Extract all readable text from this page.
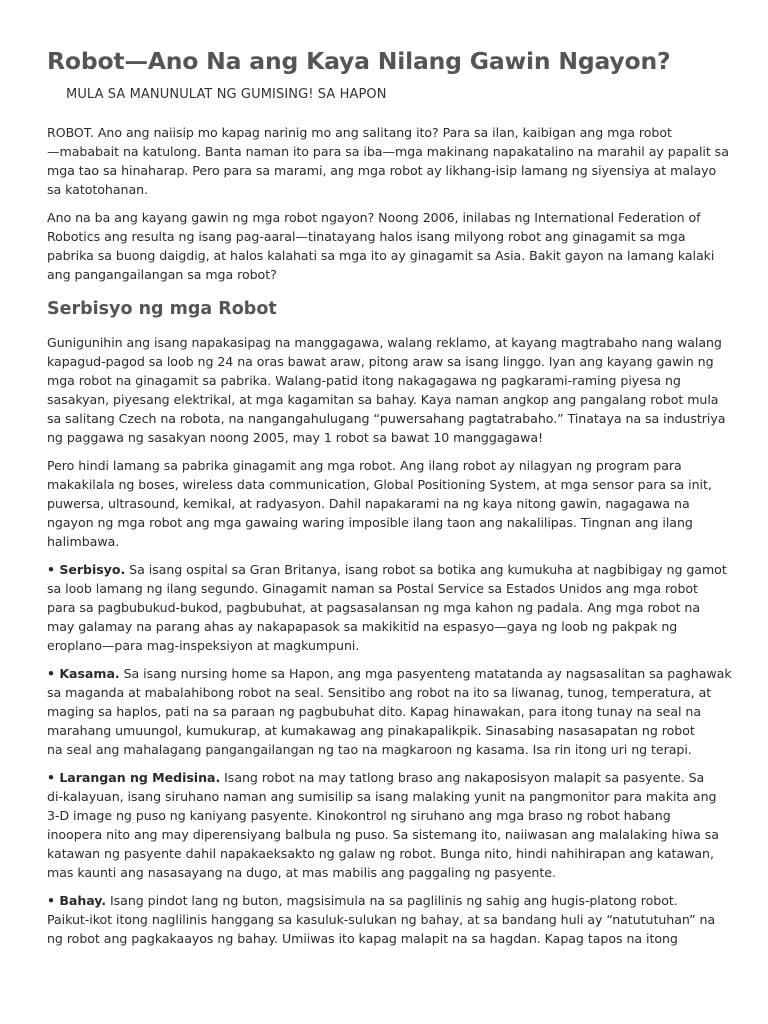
Robot—Ano Na ang Kaya Nilang Gawin Ngayon?
MULA SA MANUNULAT NG GUMISING! SA HAPON

ROBOT. Ano ang naiisip mo kapag narinig mo ang salitang ito? Para sa ilan, kaibigan ang mga robot
—mababait na katulong. Banta naman ito para sa iba—mga makinang napakatalino na marahil ay papalit sa
mga tao sa hinaharap. Pero para sa marami, ang mga robot ay likhang-isip lamang ng siyensiya at malayo
sa katotohanan.

Ano na ba ang kayang gawin ng mga robot ngayon? Noong 2006, inilabas ng International Federation of
Robotics ang resulta ng isang pag-aaral—tinatayang halos isang milyong robot ang ginagamit sa mga
pabrika sa buong daigdig, at halos kalahati sa mga ito ay ginagamit sa Asia. Bakit gayon na lamang kalaki
ang pangangailangan sa mga robot?

Serbisyo ng mga Robot

Gunigunihin ang isang napakasipag na manggagawa, walang reklamo, at kayang magtrabaho nang walang
kapagud-pagod sa loob ng 24 na oras bawat araw, pitong araw sa isang linggo. Iyan ang kayang gawin ng
mga robot na ginagamit sa pabrika. Walang-patid itong nakagagawa ng pagkarami-raming piyesa ng
sasakyan, piyesang elektrikal, at mga kagamitan sa bahay. Kaya naman angkop ang pangalang robot mula
sa salitang Czech na robota, na nangangahulugang “puwersahang pagtatrabaho.” Tinataya na sa industriya
ng paggawa ng sasakyan noong 2005, may 1 robot sa bawat 10 manggagawa!

Pero hindi lamang sa pabrika ginagamit ang mga robot. Ang ilang robot ay nilagyan ng program para
makakilala ng boses, wireless data communication, Global Positioning System, at mga sensor para sa init,
puwersa, ultrasound, kemikal, at radyasyon. Dahil napakarami na ng kaya nitong gawin, nagagawa na
ngayon ng mga robot ang mga gawaing waring imposible ilang taon ang nakalilipas. Tingnan ang ilang
halimbawa.

• Serbisyo. Sa isang ospital sa Gran Britanya, isang robot sa botika ang kumukuha at nagbibigay ng gamot
sa loob lamang ng ilang segundo. Ginagamit naman sa Postal Service sa Estados Unidos ang mga robot
para sa pagbubukud-bukod, pagbubuhat, at pagsasalansan ng mga kahon ng padala. Ang mga robot na
may galamay na parang ahas ay nakapapasok sa makikitid na espasyo—gaya ng loob ng pakpak ng
eroplano—para mag-inspeksiyon at magkumpuni.

• Kasama. Sa isang nursing home sa Hapon, ang mga pasyenteng matatanda ay nagsasalitan sa paghawak
sa maganda at mabalahibong robot na seal. Sensitibo ang robot na ito sa liwanag, tunog, temperatura, at
maging sa haplos, pati na sa paraan ng pagbubuhat dito. Kapag hinawakan, para itong tunay na seal na
marahang umuungol, kumukurap, at kumakawag ang pinakapalikpik. Sinasabing nasasapatan ng robot
na seal ang mahalagang pangangailangan ng tao na magkaroon ng kasama. Isa rin itong uri ng terapi.

• Larangan ng Medisina. Isang robot na may tatlong braso ang nakaposisyon malapit sa pasyente. Sa
di-kalayuan, isang siruhano naman ang sumisilip sa isang malaking yunit na pangmonitor para makita ang
3-D image ng puso ng kaniyang pasyente. Kinokontrol ng siruhano ang mga braso ng robot habang
inoopera nito ang may diperensiyang balbula ng puso. Sa sistemang ito, naiiwasan ang malalaking hiwa sa
katawan ng pasyente dahil napakaeksakto ng galaw ng robot. Bunga nito, hindi nahihirapan ang katawan,
mas kaunti ang nasasayang na dugo, at mas mabilis ang paggaling ng pasyente.

• Bahay. Isang pindot lang ng buton, magsisimula na sa paglilinis ng sahig ang hugis-platong robot.
Paikut-ikot itong naglilinis hanggang sa kasuluk-sulukan ng bahay, at sa bandang huli ay “natututuhan” na
ng robot ang pagkakaayos ng bahay. Umiiwas ito kapag malapit na sa hagdan. Kapag tapos na itong
